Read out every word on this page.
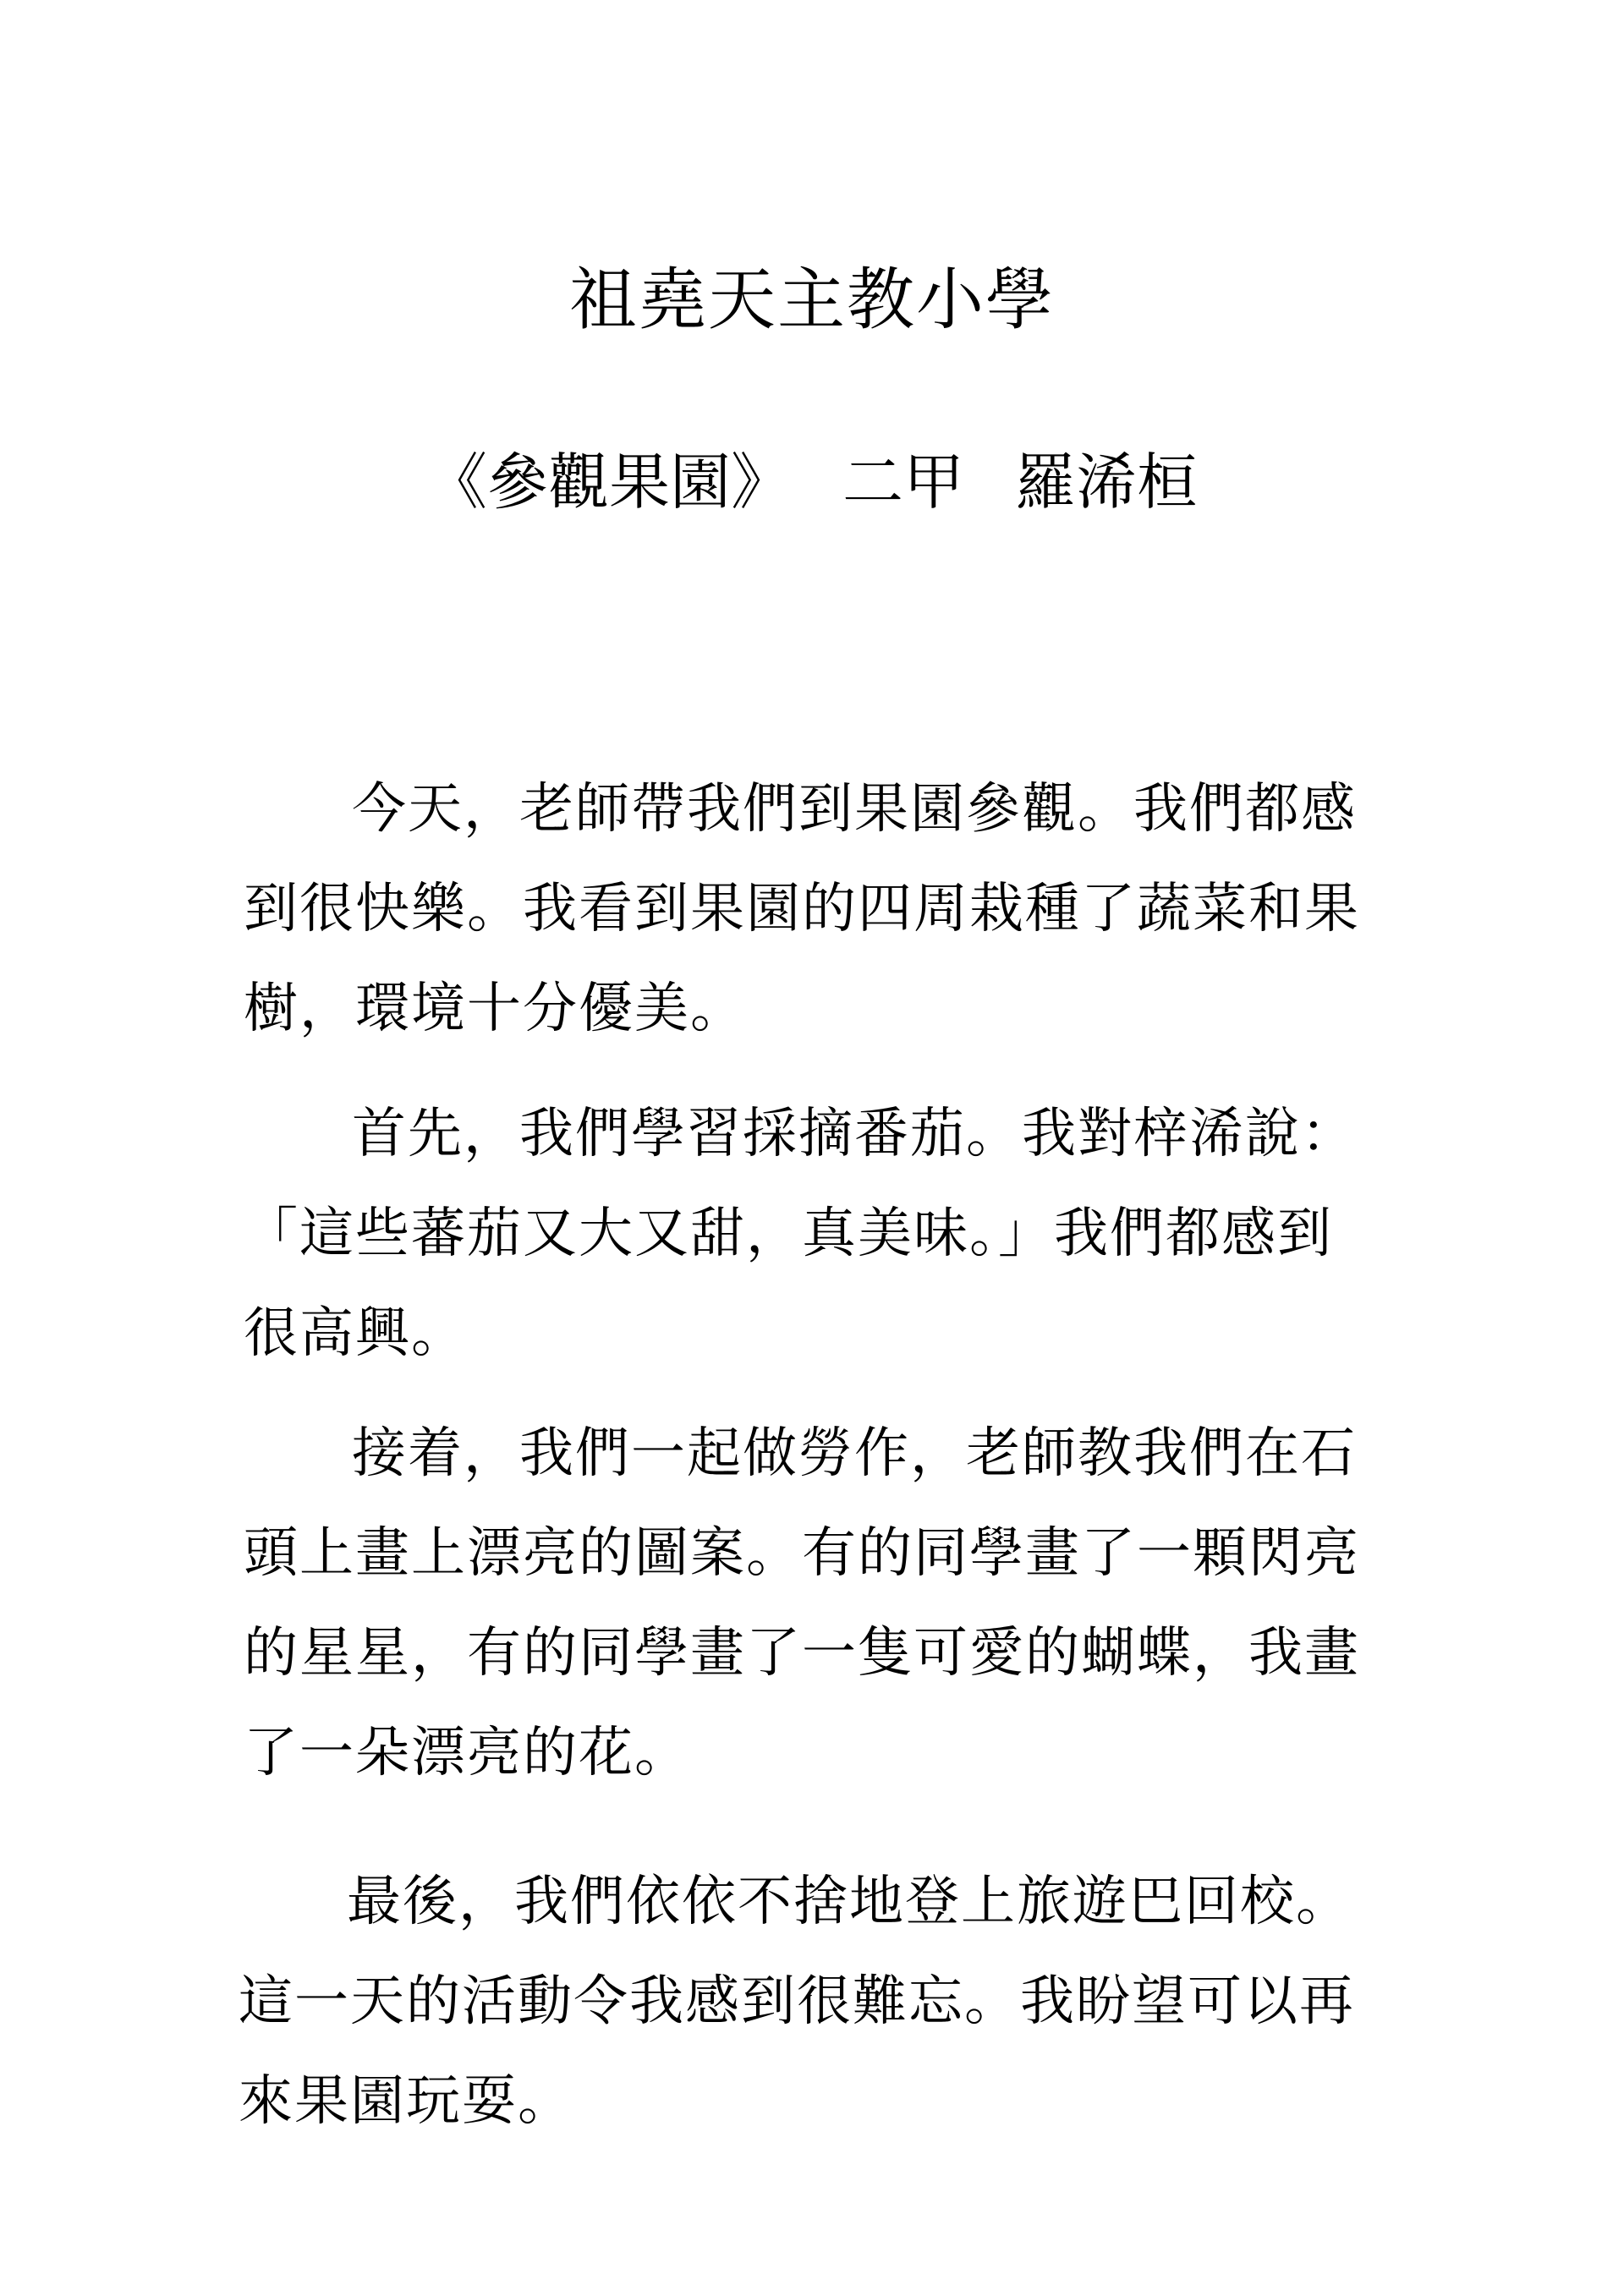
祖堯天主教小學
《參觀果園》 二甲 羅浠桓

今天，老師帶我們到果園參觀。我們都感到很快樂。我看到果園的四周栽種了蔬菜和果樹，環境十分優美。

首先，我們學習採摘番茄。我對梓浠說：「這些蕃茄又大又甜，真美味。」我們都感到很高興。

接着，我們一起做勞作，老師教我們在石頭上畫上漂亮的圖案。有的同學畫了一顆閃亮的星星，有的同學畫了一隻可愛的蝴蝶，我畫了一朵漂亮的花。

最後，我們依依不捨地登上旅遊巴回校。這一天的活動令我感到很難忘。我盼望可以再來果園玩耍。
